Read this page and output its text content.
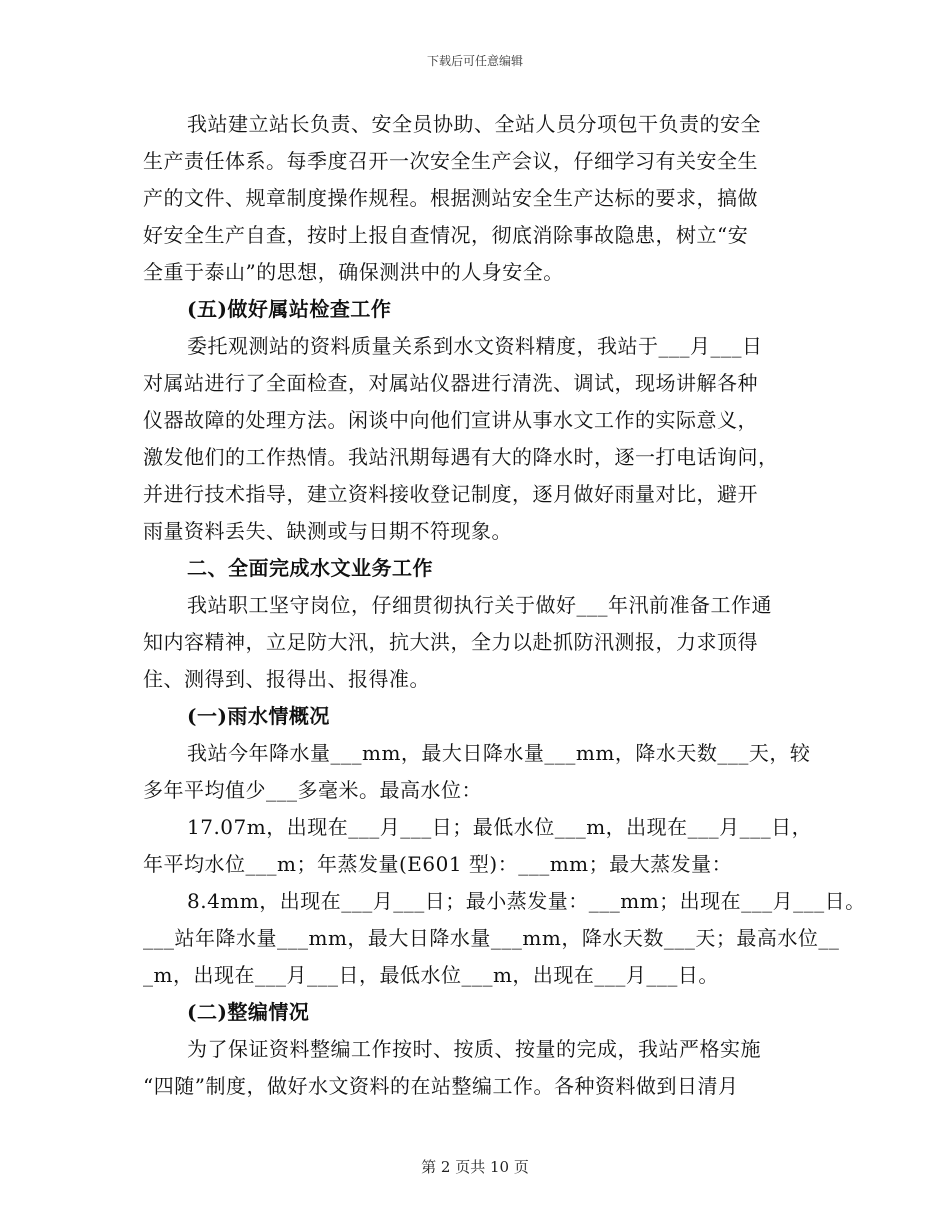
下载后可任意编辑
我站建立站长负责、安全员协助、全站人员分项包干负责的安全
生产责任体系。每季度召开一次安全生产会议，仔细学习有关安全生
产的文件、规章制度操作规程。根据测站安全生产达标的要求，搞做
好安全生产自查，按时上报自查情况，彻底消除事故隐患，树立“安
全重于泰山”的思想，确保测洪中的人身安全。
(五)做好属站检查工作
委托观测站的资料质量关系到水文资料精度，我站于___月___日
对属站进行了全面检查，对属站仪器进行清洗、调试，现场讲解各种
仪器故障的处理方法。闲谈中向他们宣讲从事水文工作的实际意义，
激发他们的工作热情。我站汛期每遇有大的降水时，逐一打电话询问，
并进行技术指导，建立资料接收登记制度，逐月做好雨量对比，避开
雨量资料丢失、缺测或与日期不符现象。
二、全面完成水文业务工作
我站职工坚守岗位，仔细贯彻执行关于做好___年汛前准备工作通
知内容精神，立足防大汛，抗大洪，全力以赴抓防汛测报，力求顶得
住、测得到、报得出、报得准。
(一)雨水情概况
我站今年降水量___mm，最大日降水量___mm，降水天数___天，较
多年平均值少___多毫米。最高水位：
17.07m，出现在___月___日；最低水位___m，出现在___月___日，
年平均水位___m；年蒸发量(E601 型)：___mm；最大蒸发量：
8.4mm，出现在___月___日；最小蒸发量：___mm；出现在___月___日。
___站年降水量___mm，最大日降水量___mm，降水天数___天；最高水位__
_m，出现在___月___日，最低水位___m，出现在___月___日。
(二)整编情况
为了保证资料整编工作按时、按质、按量的完成，我站严格实施
“四随”制度，做好水文资料的在站整编工作。各种资料做到日清月
第 2 页共 10 页
